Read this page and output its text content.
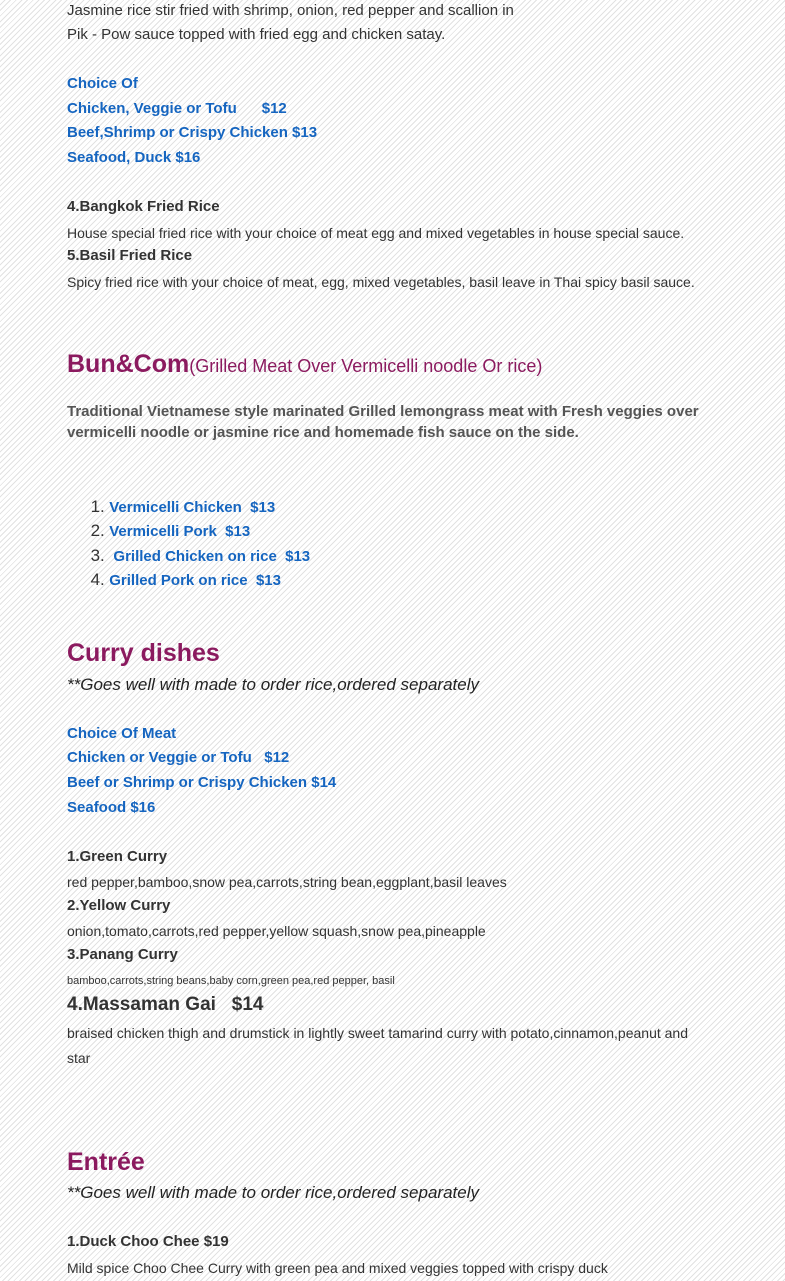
Jasmine rice stir fried with shrimp, onion, red pepper and scallion in
Pik - Pow sauce topped with fried egg and chicken satay.
Choice Of
Chicken, Veggie or Tofu      $12
Beef,Shrimp or Crispy Chicken $13
Seafood, Duck $16
4.Bangkok Fried Rice
House special fried rice with your choice of meat egg and mixed vegetables in house special sauce.
5.Basil Fried Rice
Spicy fried rice with your choice of meat, egg, mixed vegetables, basil leave in Thai spicy basil sauce.
Bun&Com(Grilled Meat Over Vermicelli noodle Or rice)
Traditional Vietnamese style marinated Grilled lemongrass meat with Fresh veggies over vermicelli noodle or jasmine rice and homemade fish sauce on the side.

1. Vermicelli Chicken  $13

2. Vermicelli Pork  $13

3.  Grilled Chicken on rice  $13

4. Grilled Pork on rice  $13

Curry dishes
**Goes well with made to order rice,ordered separately
Choice Of Meat
Chicken or Veggie or Tofu   $12
Beef or Shrimp or Crispy Chicken $14
Seafood $16
1.Green Curry
red pepper,bamboo,snow pea,carrots,string bean,eggplant,basil leaves
2.Yellow Curry
onion,tomato,carrots,red pepper,yellow squash,snow pea,pineapple
3.Panang Curry
bamboo,carrots,string beans,baby corn,green pea,red pepper, basil
4.Massaman Gai   $14
braised chicken thigh and drumstick in lightly sweet tamarind curry with potato,cinnamon,peanut and star
Entrée
**Goes well with made to order rice,ordered separately
1.Duck Choo Chee $19
Mild spice Choo Chee Curry with green pea and mixed veggies topped with crispy duck
